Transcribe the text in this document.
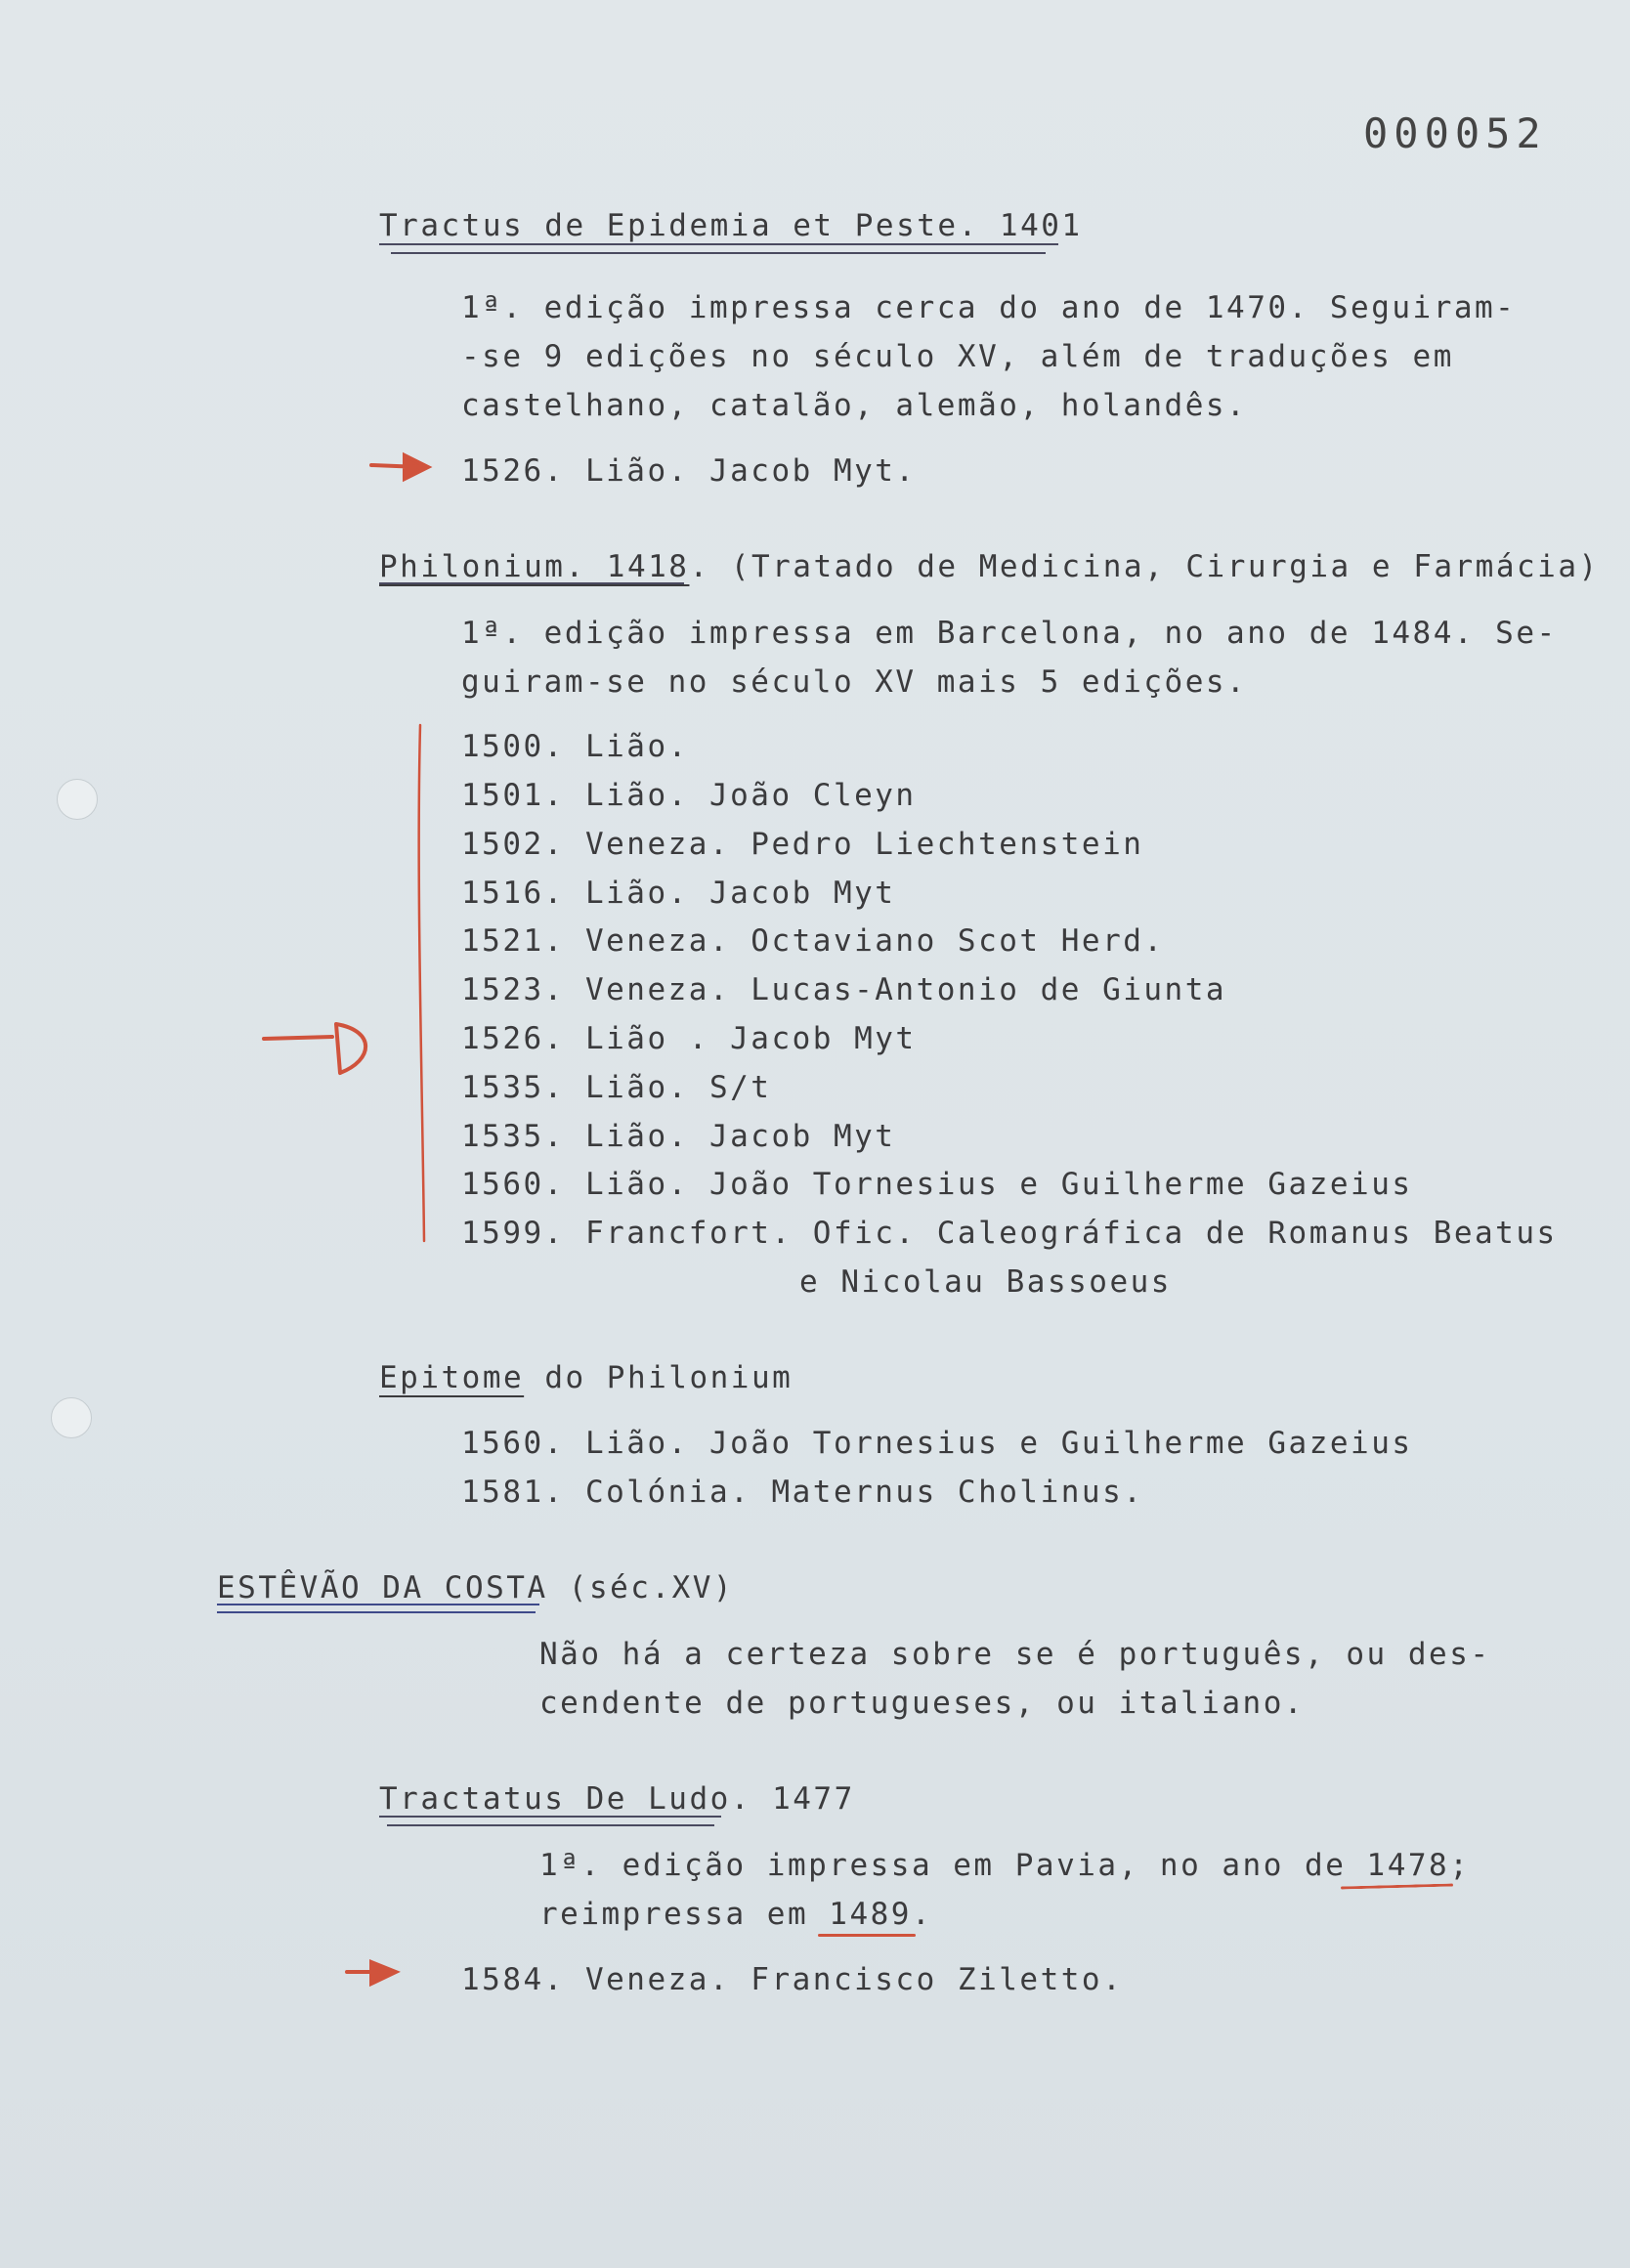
000052
Tractus de Epidemia et Peste. 1401
1ª. edição impressa cerca do ano de 1470. Seguiram-
-se 9 edições no século XV, além de traduções em
castelhano, catalão, alemão, holandês.
1526. Lião. Jacob Myt.
Philonium. 1418. (Tratado de Medicina, Cirurgia e Farmácia)
1ª. edição impressa em Barcelona, no ano de 1484. Se-
guiram-se no século XV mais 5 edições.
1500. Lião.
1501. Lião. João Cleyn
1502. Veneza. Pedro Liechtenstein
1516. Lião. Jacob Myt
1521. Veneza. Octaviano Scot Herd.
1523. Veneza. Lucas-Antonio de Giunta
1526. Lião . Jacob Myt
1535. Lião. S/t
1535. Lião. Jacob Myt
1560. Lião. João Tornesius e Guilherme Gazeius
1599. Francfort. Ofic. Caleográfica de Romanus Beatus
e Nicolau Bassoeus
Epitome do Philonium
1560. Lião. João Tornesius e Guilherme Gazeius
1581. Colónia. Maternus Cholinus.
ESTÊVÃO DA COSTA (séc.XV)
Não há a certeza sobre se é português, ou des-
cendente de portugueses, ou italiano.
Tractatus De Ludo. 1477
1ª. edição impressa em Pavia, no ano de 1478;
reimpressa em 1489.
1584. Veneza. Francisco Ziletto.
